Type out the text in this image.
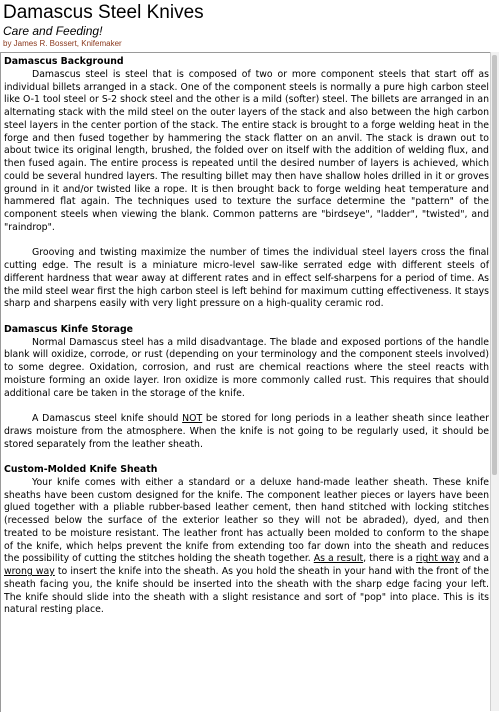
Damascus Steel Knives
Care and Feeding!
by James R. Bossert, Knifemaker
Damascus Background

Damascus steel is steel that is composed of two or more component steels that start off as individual billets arranged in a stack. One of the component steels is normally a pure high carbon steel like O-1 tool steel or S-2 shock steel and the other is a mild (softer) steel. The billets are arranged in an alternating stack with the mild steel on the outer layers of the stack and also between the high carbon steel layers in the center portion of the stack. The entire stack is brought to a forge welding heat in the forge and then fused together by hammering the stack flatter on an anvil. The stack is drawn out to about twice its original length, brushed, the folded over on itself with the addition of welding flux, and then fused again. The entire process is repeated until the desired number of layers is achieved, which could be several hundred layers. The resulting billet may then have shallow holes drilled in it or groves ground in it and/or twisted like a rope. It is then brought back to forge welding heat temperature and hammered flat again. The techniques used to texture the surface determine the "pattern" of the component steels when viewing the blank. Common patterns are "birdseye", "ladder", "twisted", and "raindrop".

Grooving and twisting maximize the number of times the individual steel layers cross the final cutting edge. The result is a miniature micro-level saw-like serrated edge with different steels of different hardness that wear away at different rates and in effect self-sharpens for a period of time. As the mild steel wear first the high carbon steel is left behind for maximum cutting effectiveness. It stays sharp and sharpens easily with very light pressure on a high-quality ceramic rod.

Damascus Kinfe Storage

Normal Damascus steel has a mild disadvantage. The blade and exposed portions of the handle blank will oxidize, corrode, or rust (depending on your terminology and the component steels involved) to some degree. Oxidation, corrosion, and rust are chemical reactions where the steel reacts with moisture forming an oxide layer. Iron oxidize is more commonly called rust. This requires that should additional care be taken in the storage of the knife.

A Damascus steel knife should NOT be stored for long periods in a leather sheath since leather draws moisture from the atmosphere. When the knife is not going to be regularly used, it should be stored separately from the leather sheath.

Custom-Molded Knife Sheath

Your knife comes with either a standard or a deluxe hand-made leather sheath. These knife sheaths have been custom designed for the knife. The component leather pieces or layers have been glued together with a pliable rubber-based leather cement, then hand stitched with locking stitches (recessed below the surface of the exterior leather so they will not be abraded), dyed, and then treated to be moisture resistant. The leather front has actually been molded to conform to the shape of the knife, which helps prevent the knife from extending too far down into the sheath and reduces the possibility of cutting the stitches holding the sheath together. As a result, there is a right way and a wrong way to insert the knife into the sheath. As you hold the sheath in your hand with the front of the sheath facing you, the knife should be inserted into the sheath with the sharp edge facing your left. The knife should slide into the sheath with a slight resistance and sort of "pop" into place. This is its natural resting place.
